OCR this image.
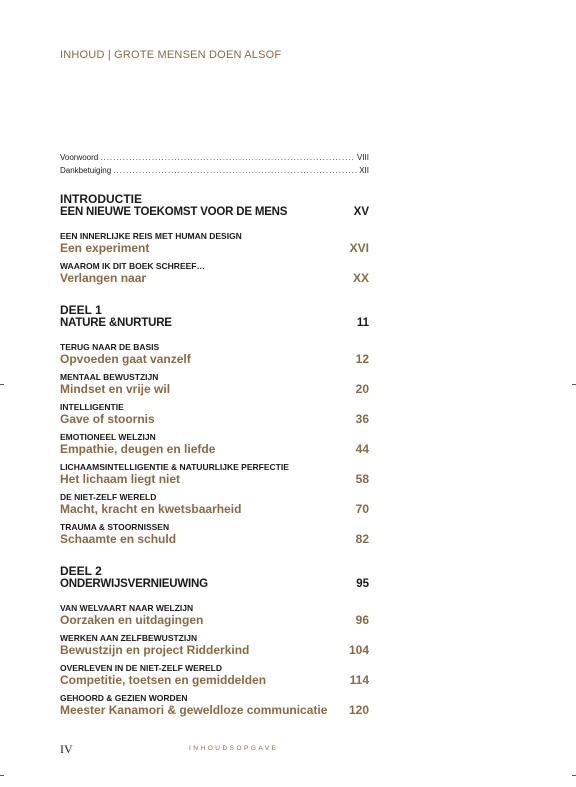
INHOUD | GROTE MENSEN DOEN ALSOF
Voorwoord .....	VIII
Dankbetuiging .....	XII
INTRODUCTIE
EEN NIEUWE TOEKOMST VOOR DE MENS	XV
EEN INNERLIJKE REIS MET HUMAN DESIGN
Een experiment	XVI
WAAROM IK DIT BOEK SCHREEF…
Verlangen naar	XX
DEEL 1
NATURE &NURTURE	11
TERUG NAAR DE BASIS
Opvoeden gaat vanzelf	12
MENTAAL BEWUSTZIJN
Mindset en vrije wil	20
INTELLIGENTIE
Gave of stoornis	36
EMOTIONEEL WELZIJN
Empathie, deugen en liefde	44
LICHAAMSINTELLIGENTIE & NATUURLIJKE PERFECTIE
Het lichaam liegt niet	58
DE NIET-ZELF WERELD
Macht, kracht en kwetsbaarheid	70
TRAUMA & STOORNISSEN
Schaamte en schuld	82
DEEL 2
ONDERWIJSVERNIEUWING	95
VAN WELVAART NAAR WELZIJN
Oorzaken en uitdagingen	96
WERKEN AAN ZELFBEWUSTZIJN
Bewustzijn en project Ridderkind	104
OVERLEVEN IN DE NIET-ZELF WERELD
Competitie, toetsen en gemiddelden	114
GEHOORD & GEZIEN WORDEN
Meester Kanamori & geweldloze communicatie 120
IV	INHOUDSOPGAVE
